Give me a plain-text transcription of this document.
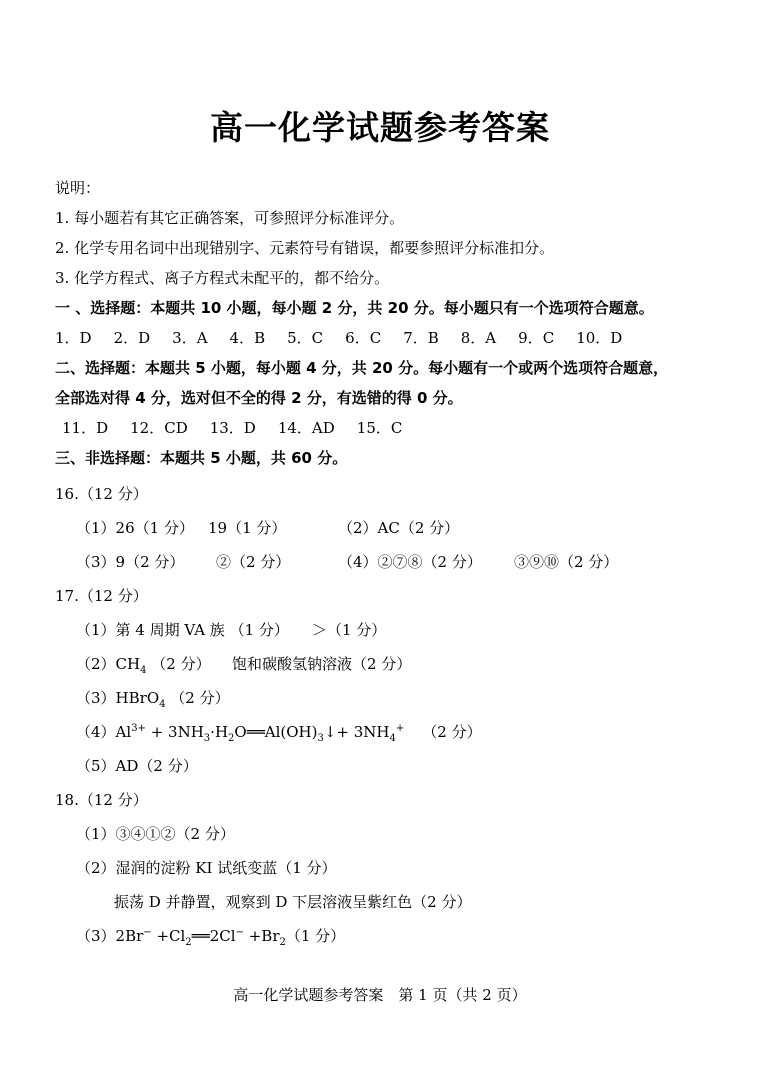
高一化学试题参考答案
说明：
1. 每小题若有其它正确答案，可参照评分标准评分。
2. 化学专用名词中出现错别字、元素符号有错误，都要参照评分标准扣分。
3. 化学方程式、离子方程式未配平的，都不给分。
一 、选择题：本题共 10 小题，每小题 2 分，共 20 分。每小题只有一个选项符合题意。
1．D 2．D 3．A 4．B 5．C 6．C 7．B 8．A 9．C 10．D
二、选择题：本题共 5 小题，每小题 4 分，共 20 分。每小题有一个或两个选项符合题意，
全部选对得 4 分，选对但不全的得 2 分，有选错的得 0 分。
11．D 12．CD 13．D 14．AD 15．C
三、非选择题：本题共 5 小题，共 60 分。
16.（12 分）
（1）26（1 分） 19（1 分）	（2）AC（2 分）
（3）9（2 分） ②（2 分）	（4）②⑦⑧（2 分） ③⑨⑩（2 分）
17.（12 分）
（1）第 4 周期 VA 族 （1 分） ＞（1 分）
$(2)CH_4$ （2 分） 饱和碳酸氢钠溶液（2 分）
（3）HBrO$_4$ （2 分）
$(4)Al^{3+}$ + $3NH_3\cdot H_2O══Al(OH)_3↓+ 3NH_4^+$ （2 分）
（5）AD（2 分）
18.（12 分）
（1）③④①②（2 分）
（2）湿润的淀粉 KI 试纸变蓝（1 分）
振荡 D 并静置，观察到 D 下层溶液呈紫红色（2 分）
$(3)2Br^- +Cl_2══2Cl^- +Br_2(1$ 分）
高一化学试题参考答案　第 1 页（共 2 页）
